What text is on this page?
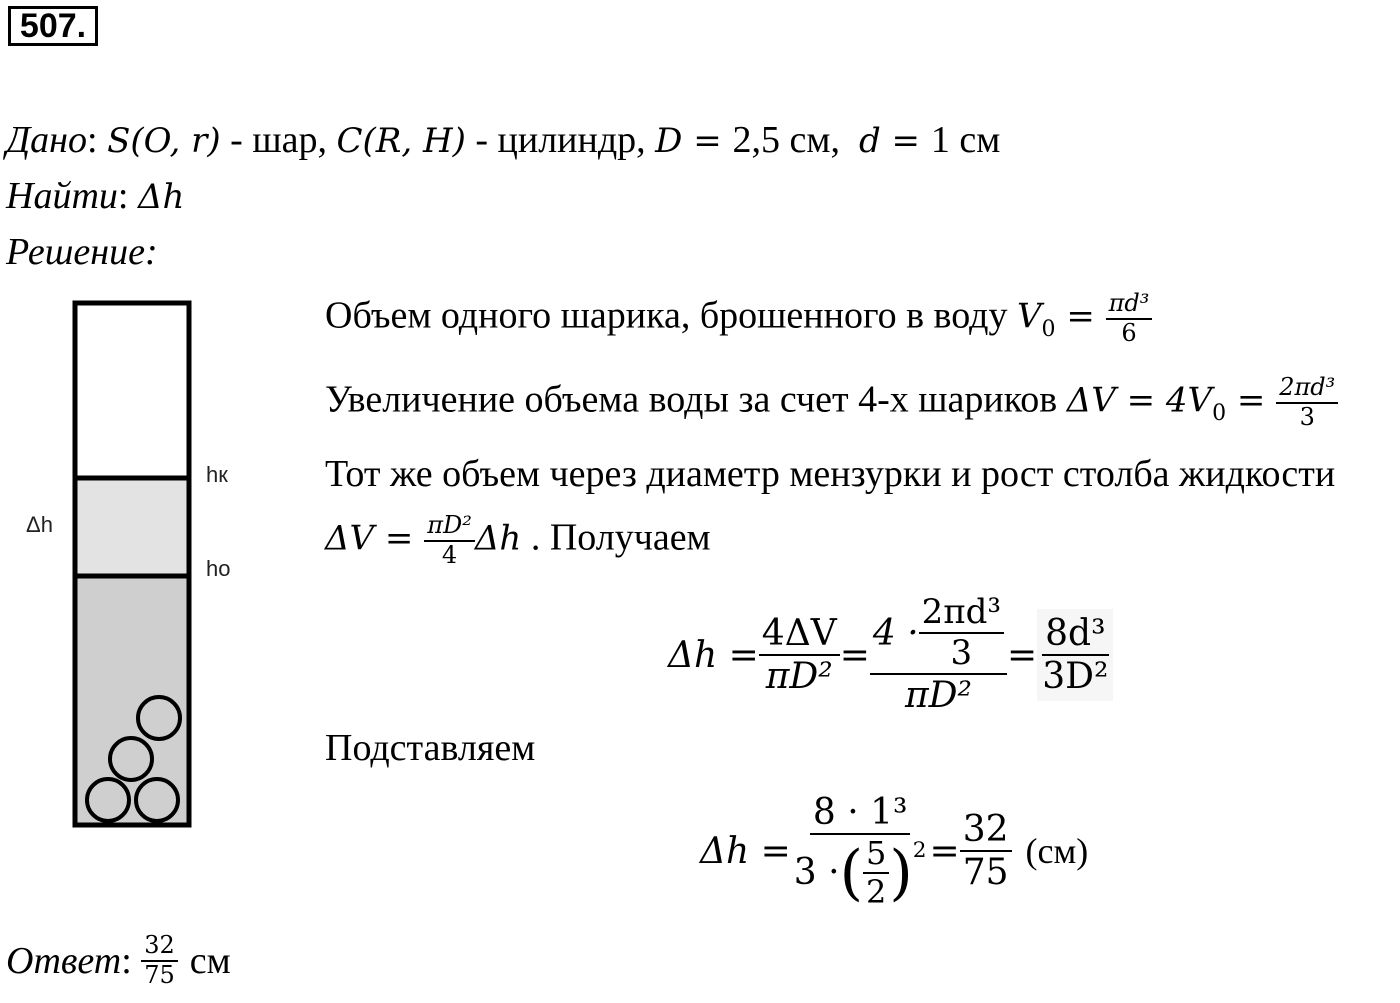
507.
Дано: S(O, r) - шар, C(R, H) - цилиндр, D = 2,5 см, d = 1 см
Найти: Δh
Решение:
Δh
hк
ho
Объем одного шарика, брошенного в воду $V_0 = \frac{\text{πd³}}{6}$
Увеличение объема воды за счет 4-х шариков $\Delta V = 4V_0 = \frac{\text{2πd³}}{3}$
Тот же объем через диаметр мензурки и рост столба жидкости
$\Delta V = \frac{\text{πD²}}{4}$ Δh . Получаем
$\Delta h = \frac{4\Delta V}{\text{πD²}} = \frac{4 \cdot \frac{\text{2πd³}}{3}}{\text{πD²}} = \frac{\text{8d³}}{\text{3D²}}$
Подставляем
Δh =
8 · 1³
3 · ( $\frac{5}{2} )^2 = \frac{32}{75} (см)$
Ответ : $\frac{32}{75}$ см
